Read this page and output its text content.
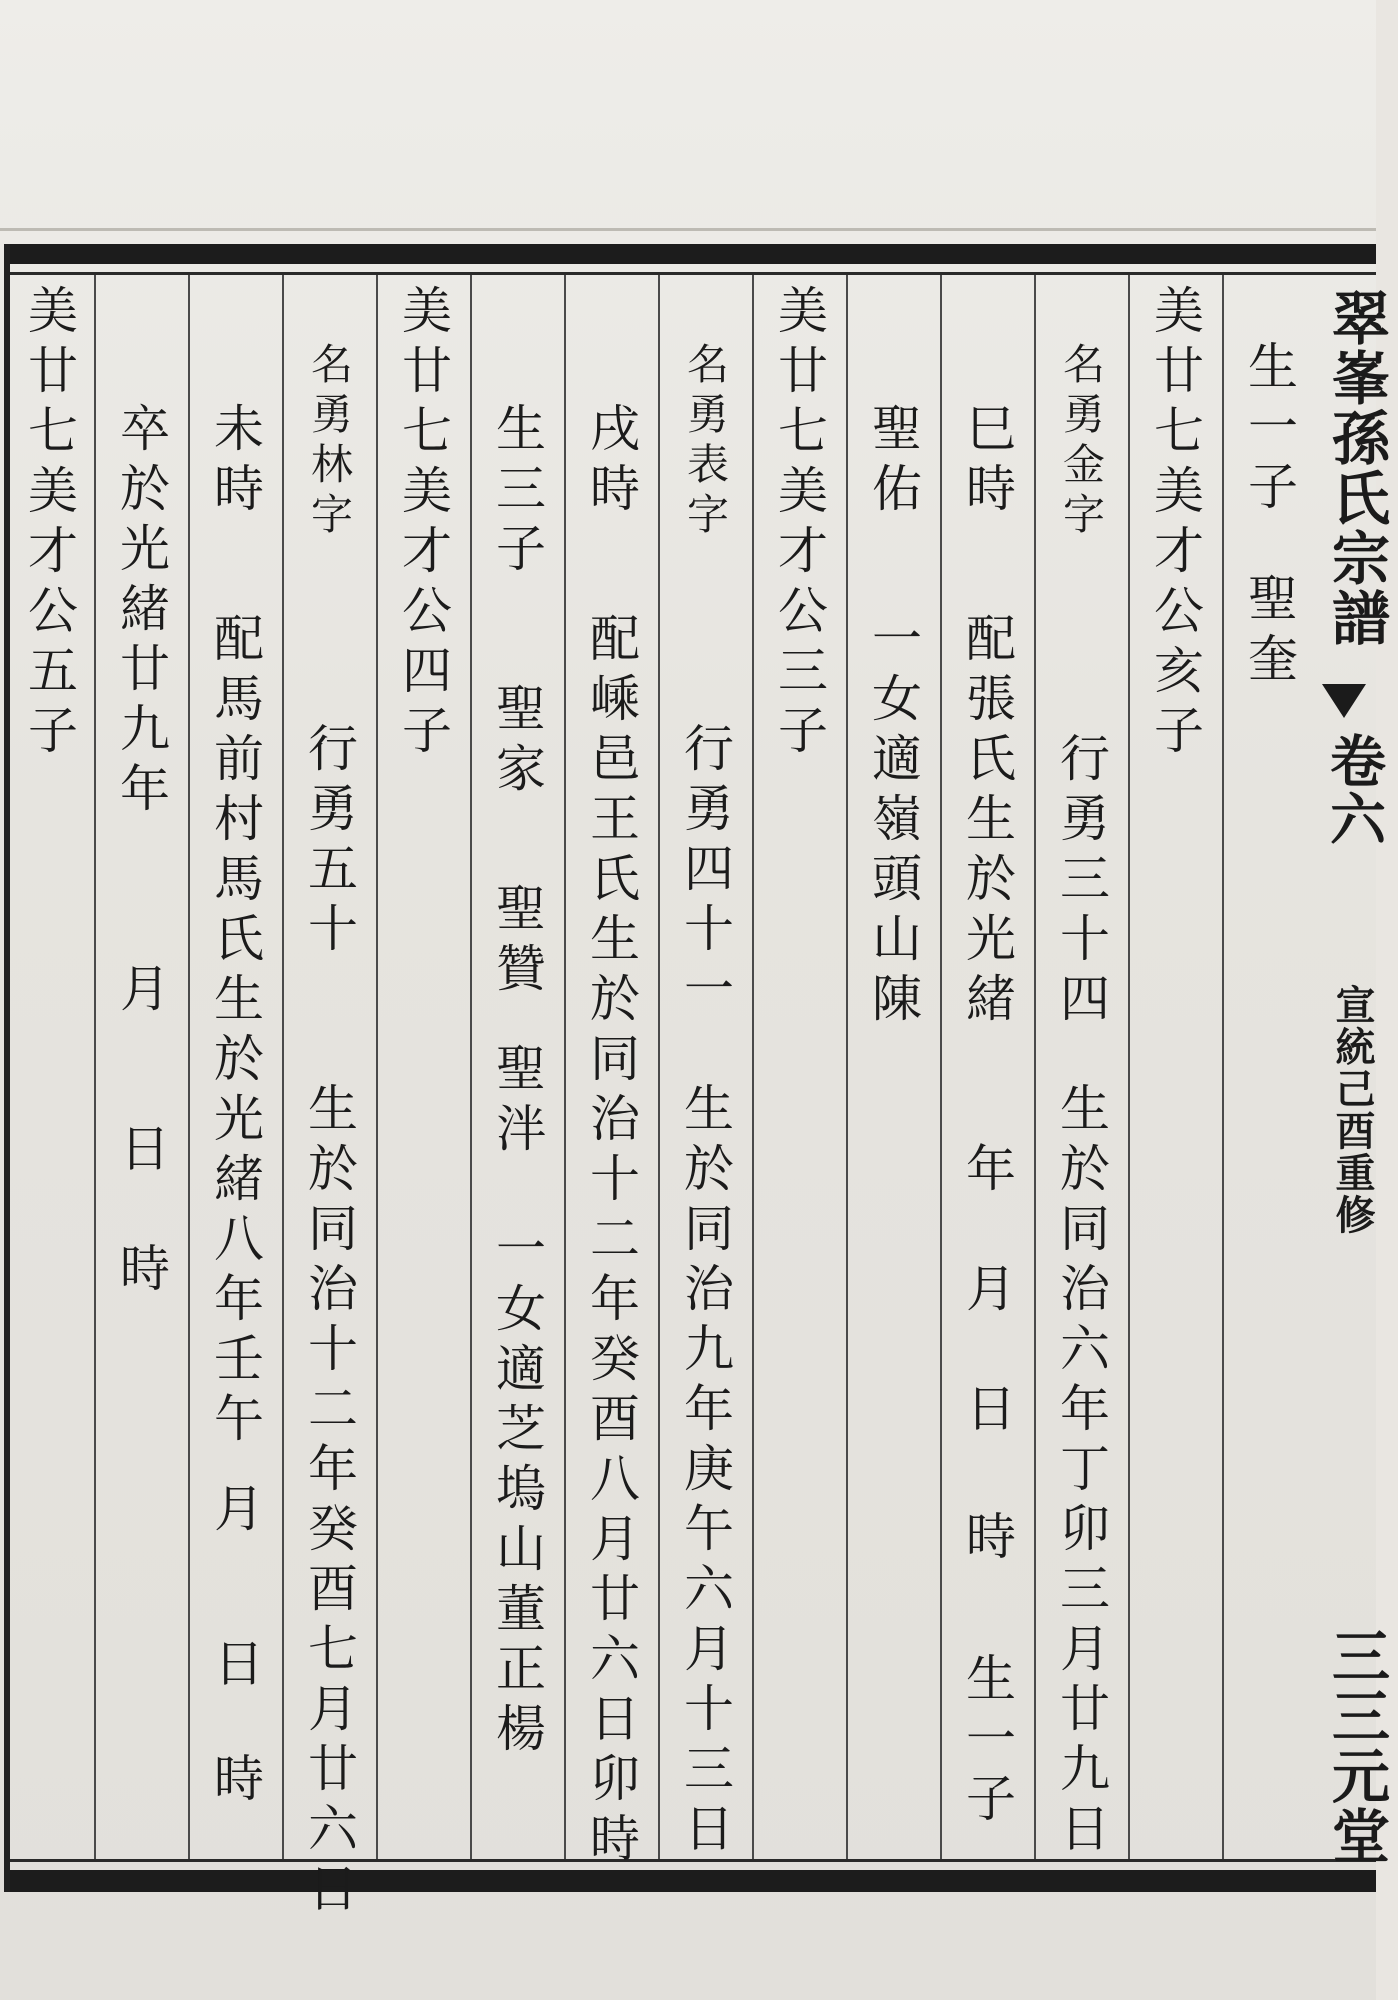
生一子
聖奎
美廿七美才公亥子
名勇金字
行勇三十四
生於同治六年丁卯三月廿九日
巳時
配張氏生於光緒
年
月
日
時
生一子
聖佑
一女適嶺頭山陳
美廿七美才公三子
名勇表字
行勇四十一
生於同治九年庚午六月十三日
戌時
配嵊邑王氏生於同治十二年癸酉八月廿六日卯時
生三子
聖家
聖贊
聖泮
一女適芝塢山董正楊
美廿七美才公四子
名勇林字
行勇五十
生於同治十二年癸酉七月廿六日
未時
配馬前村馬氏生於光緒八年壬午
月
日
時
卒於光緒廿九年
月
日
時
美廿七美才公五子	翠峯孫氏宗譜
卷六
宣統己酉重修
三三元堂
